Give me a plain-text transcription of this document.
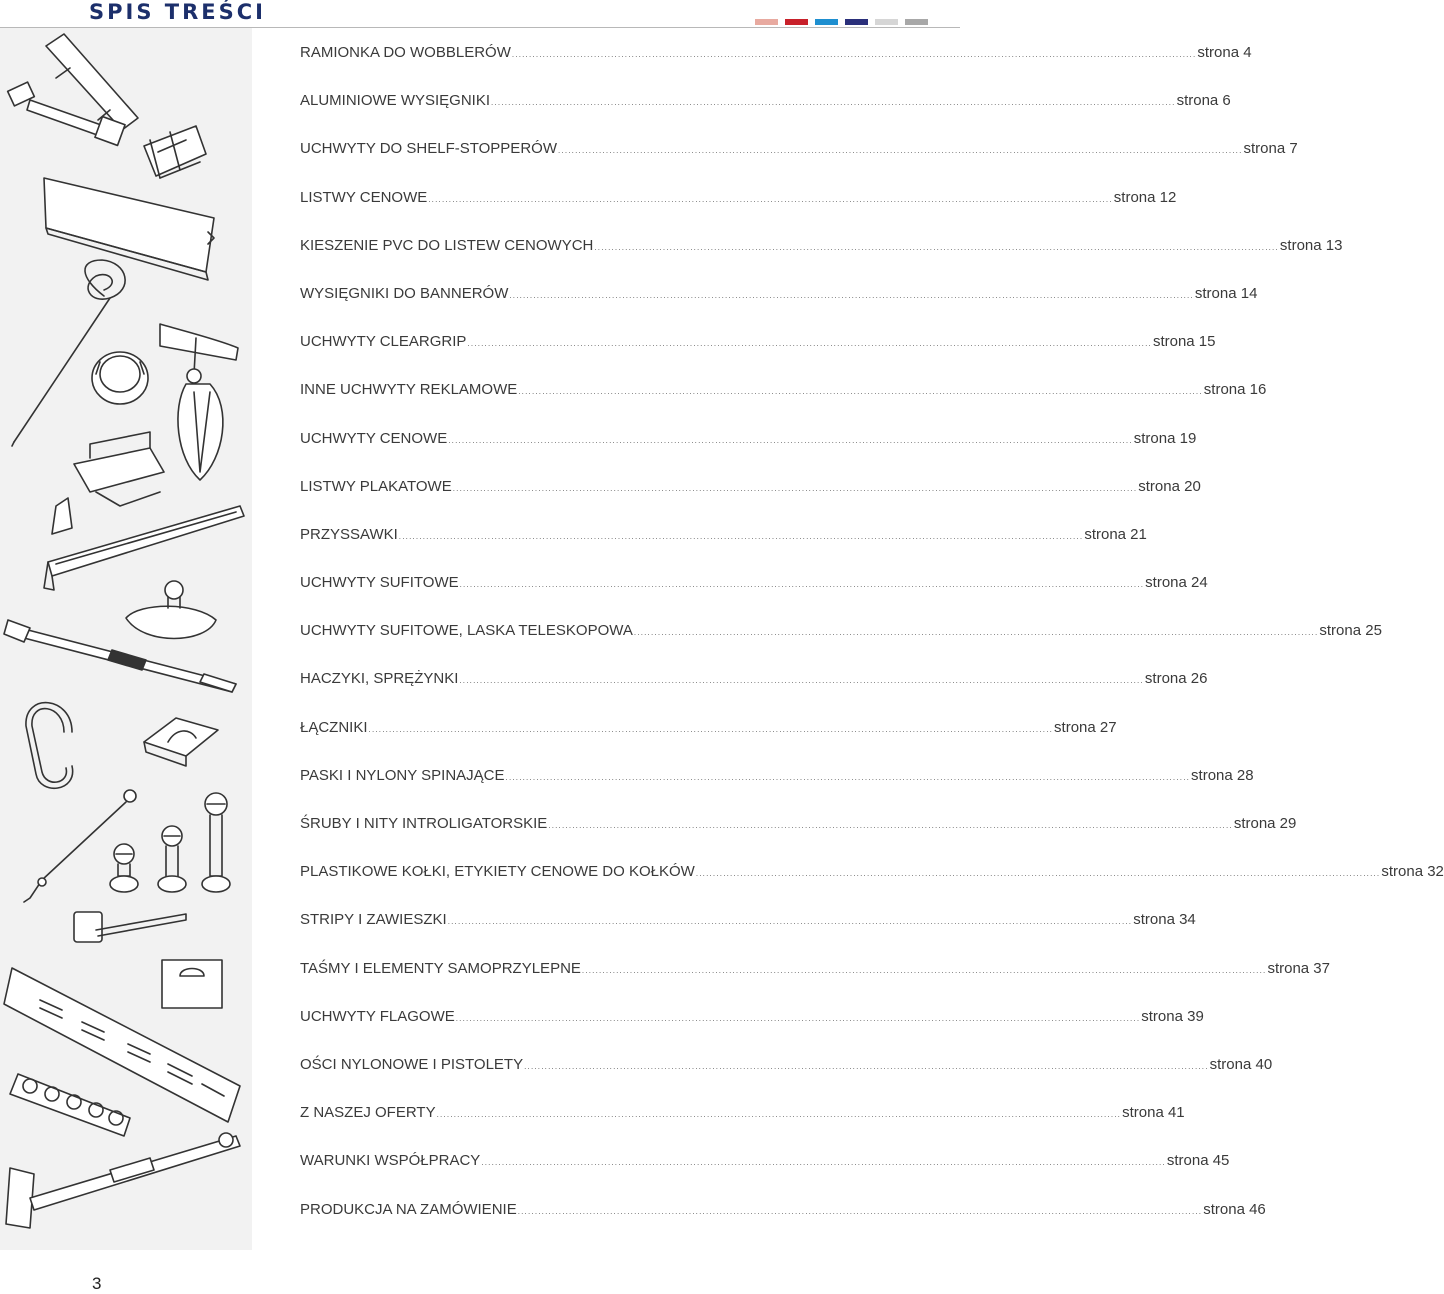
SPIS TREŚCI
RAMIONKA DO WOBBLERÓW ........................................................................................................................................................................................................ strona 4
ALUMINIOWE WYSIĘGNIKI ........................................................................................................................................................................................................ strona 6
UCHWYTY DO SHELF-STOPPERÓW ........................................................................................................................................................................................................ strona 7
LISTWY CENOWE ........................................................................................................................................................................................................ strona 12
KIESZENIE PVC DO LISTEW CENOWYCH ........................................................................................................................................................................................................ strona 13
WYSIĘGNIKI DO BANNERÓW ........................................................................................................................................................................................................ strona 14
UCHWYTY CLEARGRIP ........................................................................................................................................................................................................ strona 15
INNE UCHWYTY REKLAMOWE ........................................................................................................................................................................................................ strona 16
UCHWYTY CENOWE ........................................................................................................................................................................................................ strona 19
LISTWY PLAKATOWE ........................................................................................................................................................................................................ strona 20
PRZYSSAWKI ........................................................................................................................................................................................................ strona 21
UCHWYTY SUFITOWE ........................................................................................................................................................................................................ strona 24
UCHWYTY SUFITOWE, LASKA TELESKOPOWA ........................................................................................................................................................................................................ strona 25
HACZYKI, SPRĘŻYNKI ........................................................................................................................................................................................................ strona 26
ŁĄCZNIKI ........................................................................................................................................................................................................ strona 27
PASKI I NYLONY SPINAJĄCE ........................................................................................................................................................................................................ strona 28
ŚRUBY I NITY INTROLIGATORSKIE ........................................................................................................................................................................................................ strona 29
PLASTIKOWE KOŁKI, ETYKIETY CENOWE DO KOŁKÓW ........................................................................................................................................................................................................ strona 32
STRIPY I ZAWIESZKI ........................................................................................................................................................................................................ strona 34
TAŚMY I ELEMENTY SAMOPRZYLEPNE ........................................................................................................................................................................................................ strona 37
UCHWYTY FLAGOWE ........................................................................................................................................................................................................ strona 39
OŚCI NYLONOWE I PISTOLETY ........................................................................................................................................................................................................ strona 40
Z NASZEJ OFERTY ........................................................................................................................................................................................................ strona 41
WARUNKI WSPÓŁPRACY ........................................................................................................................................................................................................ strona 45
PRODUKCJA NA ZAMÓWIENIE ........................................................................................................................................................................................................ strona 46
3
